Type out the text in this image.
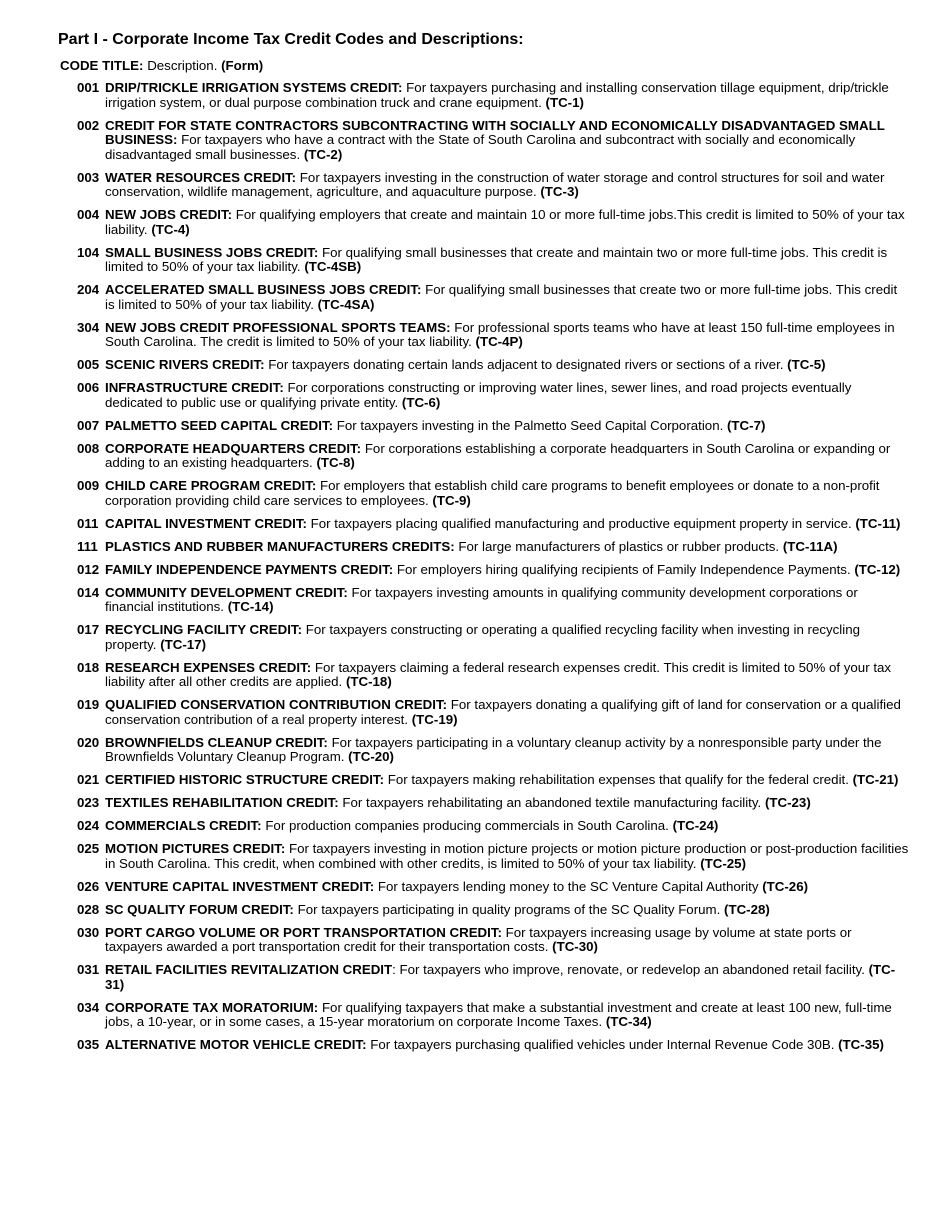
Part I - Corporate Income Tax Credit Codes and Descriptions:
CODE TITLE: Description. (Form)
001 DRIP/TRICKLE IRRIGATION SYSTEMS CREDIT: For taxpayers purchasing and installing conservation tillage equipment, drip/trickle irrigation system, or dual purpose combination truck and crane equipment. (TC-1)
002 CREDIT FOR STATE CONTRACTORS SUBCONTRACTING WITH SOCIALLY AND ECONOMICALLY DISADVANTAGED SMALL BUSINESS: For taxpayers who have a contract with the State of South Carolina and subcontract with socially and economically disadvantaged small businesses. (TC-2)
003 WATER RESOURCES CREDIT: For taxpayers investing in the construction of water storage and control structures for soil and water conservation, wildlife management, agriculture, and aquaculture purpose. (TC-3)
004 NEW JOBS CREDIT: For qualifying employers that create and maintain 10 or more full-time jobs.This credit is limited to 50% of your tax liability. (TC-4)
104 SMALL BUSINESS JOBS CREDIT: For qualifying small businesses that create and maintain two or more full-time jobs. This credit is limited to 50% of your tax liability. (TC-4SB)
204 ACCELERATED SMALL BUSINESS JOBS CREDIT: For qualifying small businesses that create two or more full-time jobs. This credit is limited to 50% of your tax liability. (TC-4SA)
304 NEW JOBS CREDIT PROFESSIONAL SPORTS TEAMS: For professional sports teams who have at least 150 full-time employees in South Carolina. The credit is limited to 50% of your tax liability. (TC-4P)
005 SCENIC RIVERS CREDIT: For taxpayers donating certain lands adjacent to designated rivers or sections of a river. (TC-5)
006 INFRASTRUCTURE CREDIT: For corporations constructing or improving water lines, sewer lines, and road projects eventually dedicated to public use or qualifying private entity. (TC-6)
007 PALMETTO SEED CAPITAL CREDIT: For taxpayers investing in the Palmetto Seed Capital Corporation. (TC-7)
008 CORPORATE HEADQUARTERS CREDIT: For corporations establishing a corporate headquarters in South Carolina or expanding or adding to an existing headquarters. (TC-8)
009 CHILD CARE PROGRAM CREDIT: For employers that establish child care programs to benefit employees or donate to a non-profit corporation providing child care services to employees. (TC-9)
011 CAPITAL INVESTMENT CREDIT: For taxpayers placing qualified manufacturing and productive equipment property in service. (TC-11)
111 PLASTICS AND RUBBER MANUFACTURERS CREDITS: For large manufacturers of plastics or rubber products. (TC-11A)
012 FAMILY INDEPENDENCE PAYMENTS CREDIT: For employers hiring qualifying recipients of Family Independence Payments. (TC-12)
014 COMMUNITY DEVELOPMENT CREDIT: For taxpayers investing amounts in qualifying community development corporations or financial institutions. (TC-14)
017 RECYCLING FACILITY CREDIT: For taxpayers constructing or operating a qualified recycling facility when investing in recycling property. (TC-17)
018 RESEARCH EXPENSES CREDIT: For taxpayers claiming a federal research expenses credit. This credit is limited to 50% of your tax liability after all other credits are applied. (TC-18)
019 QUALIFIED CONSERVATION CONTRIBUTION CREDIT: For taxpayers donating a qualifying gift of land for conservation or a qualified conservation contribution of a real property interest. (TC-19)
020 BROWNFIELDS CLEANUP CREDIT: For taxpayers participating in a voluntary cleanup activity by a nonresponsible party under the Brownfields Voluntary Cleanup Program. (TC-20)
021 CERTIFIED HISTORIC STRUCTURE CREDIT: For taxpayers making rehabilitation expenses that qualify for the federal credit. (TC-21)
023 TEXTILES REHABILITATION CREDIT: For taxpayers rehabilitating an abandoned textile manufacturing facility. (TC-23)
024 COMMERCIALS CREDIT: For production companies producing commercials in South Carolina. (TC-24)
025 MOTION PICTURES CREDIT: For taxpayers investing in motion picture projects or motion picture production or post-production facilities in South Carolina. This credit, when combined with other credits, is limited to 50% of your tax liability. (TC-25)
026 VENTURE CAPITAL INVESTMENT CREDIT: For taxpayers lending money to the SC Venture Capital Authority (TC-26)
028 SC QUALITY FORUM CREDIT: For taxpayers participating in quality programs of the SC Quality Forum. (TC-28)
030 PORT CARGO VOLUME OR PORT TRANSPORTATION CREDIT: For taxpayers increasing usage by volume at state ports or taxpayers awarded a port transportation credit for their transportation costs. (TC-30)
031 RETAIL FACILITIES REVITALIZATION CREDIT: For taxpayers who improve, renovate, or redevelop an abandoned retail facility. (TC-31)
034 CORPORATE TAX MORATORIUM: For qualifying taxpayers that make a substantial investment and create at least 100 new, full-time jobs, a 10-year, or in some cases, a 15-year moratorium on corporate Income Taxes. (TC-34)
035 ALTERNATIVE MOTOR VEHICLE CREDIT: For taxpayers purchasing qualified vehicles under Internal Revenue Code 30B. (TC-35)
